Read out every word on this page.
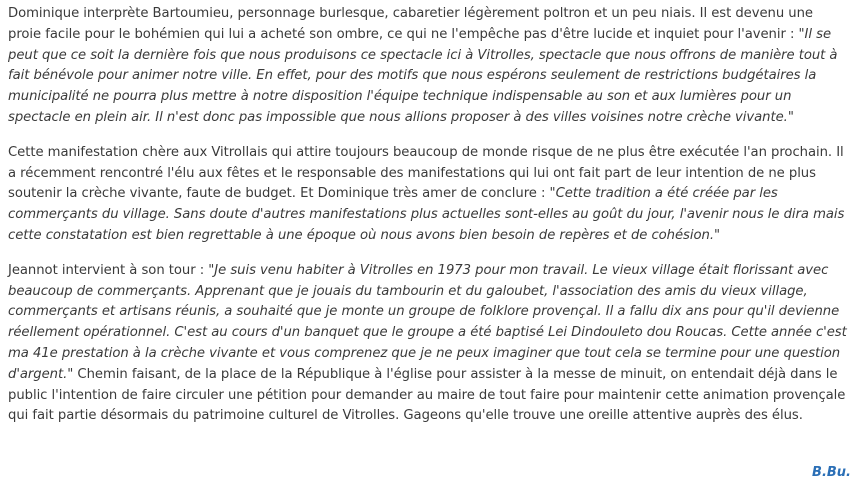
Dominique interprète Bartoumieu, personnage burlesque, cabaretier légèrement poltron et un peu niais. Il est devenu une proie facile pour le bohémien qui lui a acheté son ombre, ce qui ne l'empêche pas d'être lucide et inquiet pour l'avenir : "Il se peut que ce soit la dernière fois que nous produisons ce spectacle ici à Vitrolles, spectacle que nous offrons de manière tout à fait bénévole pour animer notre ville. En effet, pour des motifs que nous espérons seulement de restrictions budgétaires la municipalité ne pourra plus mettre à notre disposition l'équipe technique indispensable au son et aux lumières pour un spectacle en plein air. Il n'est donc pas impossible que nous allions proposer à des villes voisines notre crèche vivante."

Cette manifestation chère aux Vitrollais qui attire toujours beaucoup de monde risque de ne plus être exécutée l'an prochain. Il a récemment rencontré l'élu aux fêtes et le responsable des manifestations qui lui ont fait part de leur intention de ne plus soutenir la crèche vivante, faute de budget. Et Dominique très amer de conclure : "Cette tradition a été créée par les commerçants du village. Sans doute d'autres manifestations plus actuelles sont-elles au goût du jour, l'avenir nous le dira mais cette constatation est bien regrettable à une époque où nous avons bien besoin de repères et de cohésion."

Jeannot intervient à son tour : "Je suis venu habiter à Vitrolles en 1973 pour mon travail. Le vieux village était florissant avec beaucoup de commerçants. Apprenant que je jouais du tambourin et du galoubet, l'association des amis du vieux village, commerçants et artisans réunis, a souhaité que je monte un groupe de folklore provençal. Il a fallu dix ans pour qu'il devienne réellement opérationnel. C'est au cours d'un banquet que le groupe a été baptisé Lei Dindouleto dou Roucas. Cette année c'est ma 41e prestation à la crèche vivante et vous comprenez que je ne peux imaginer que tout cela se termine pour une question d'argent." Chemin faisant, de la place de la République à l'église pour assister à la messe de minuit, on entendait déjà dans le public l'intention de faire circuler une pétition pour demander au maire de tout faire pour maintenir cette animation provençale qui fait partie désormais du patrimoine culturel de Vitrolles. Gageons qu'elle trouve une oreille attentive auprès des élus.

B.Bu.
